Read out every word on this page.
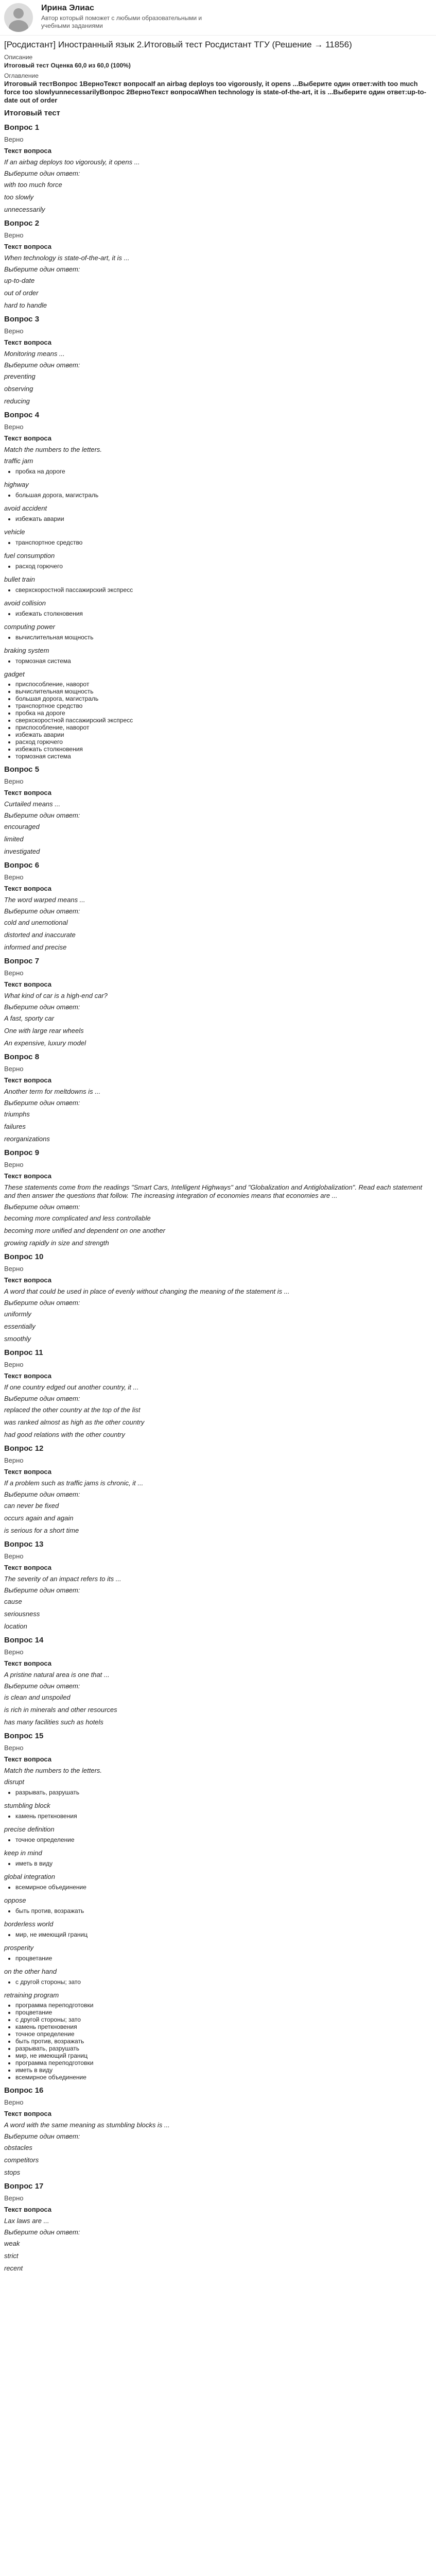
Ирина Элиас
Автор который поможет с любыми образовательными и учебными заданиями
[Росдистант] Иностранный язык 2.Итоговый тест Росдистант ТГУ (Решение → 11856)
Описание
Итоговый тест Оценка 60,0 из 60,0 (100%)
Оглавление
Итоговый тестВопрос 1ВерноТекст вопросаIf an airbag deploys too vigorously, it opens ...Выберите один ответ:with too much force too slowlyunnecessarilyВопрос 2ВерноТекст вопросаWhen technology is state-of-the-art, it is ...Выберите один ответ:up-to-date out of order
Итоговый тест
Вопрос 1
Верно
Текст вопроса
If an airbag deploys too vigorously, it opens ...
Выберите один ответ:
with too much force
too slowly
unnecessarily
Вопрос 2
Верно
Текст вопроса
When technology is state-of-the-art, it is ...
Выберите один ответ:
up-to-date
out of order
hard to handle
Вопрос 3
Верно
Текст вопроса
Monitoring means ...
Выберите один ответ:
preventing
observing
reducing
Вопрос 4
Верно
Текст вопроса
Match the numbers to the letters.
traffic jam
• пробка на дороге
highway
• большая дорога, магистраль
avoid accident
• избежать аварии
vehicle
• транспортное средство
fuel consumption
• расход горючего
bullet train
• сверхскоростной пассажирский экспресс
avoid collision
• избежать столкновения
computing power
• вычислительная мощность
braking system
• тормозная система
gadget
• приспособление, наворот
• вычислительная мощность
• большая дорога, магистраль
• транспортное средство
• пробка на дороге
• сверхскоростной пассажирский экспресс
• приспособление, наворот
• избежать аварии
• расход горючего
• избежать столкновения
• тормозная система
Вопрос 5
Верно
Текст вопроса
Curtailed means ...
Выберите один ответ:
encouraged
limited
investigated
Вопрос 6
Верно
Текст вопроса
The word warped means ...
Выберите один ответ:
cold and unemotional
distorted and inaccurate
informed and precise
Вопрос 7
Верно
Текст вопроса
What kind of car is a high-end car?
Выберите один ответ:
A fast, sporty car
One with large rear wheels
An expensive, luxury model
Вопрос 8
Верно
Текст вопроса
Another term for meltdowns is ...
Выберите один ответ:
triumphs
failures
reorganizations
Вопрос 9
Верно
Текст вопроса
These statements come from the readings "Smart Cars, Intelligent Highways" and "Globalization and Antiglobalization". Read each statement and then answer the questions that follow. The increasing integration of economies means that economies are ...
Выберите один ответ:
becoming more complicated and less controllable
becoming more unified and dependent on one another
growing rapidly in size and strength
Вопрос 10
Верно
Текст вопроса
A word that could be used in place of evenly without changing the meaning of the statement is ...
Выберите один ответ:
uniformly
essentially
smoothly
Вопрос 11
Верно
Текст вопроса
If one country edged out another country, it ...
Выберите один ответ:
replaced the other country at the top of the list
was ranked almost as high as the other country
had good relations with the other country
Вопрос 12
Верно
Текст вопроса
If a problem such as traffic jams is chronic, it ...
Выберите один ответ:
can never be fixed
occurs again and again
is serious for a short time
Вопрос 13
Верно
Текст вопроса
The severity of an impact refers to its ...
Выберите один ответ:
cause
seriousness
location
Вопрос 14
Верно
Текст вопроса
A pristine natural area is one that ...
Выберите один ответ:
is clean and unspoiled
is rich in minerals and other resources
has many facilities such as hotels
Вопрос 15
Верно
Текст вопроса
Match the numbers to the letters.
disrupt
• разрывать, разрушать
stumbling block
• камень преткновения
precise definition
• точное определение
keep in mind
• иметь в виду
global integration
• всемирное объединение
oppose
• быть против, возражать
borderless world
• мир, не имеющий границ
prosperity
• процветание
on the other hand
• с другой стороны; зато
retraining program
• программа переподготовки
• процветание
• с другой стороны; зато
• камень преткновения
• точное определение
• быть против, возражать
• разрывать, разрушать
• мир, не имеющий границ
• программа переподготовки
• иметь в виду
• всемирное объединение
Вопрос 16
Верно
Текст вопроса
A word with the same meaning as stumbling blocks is ...
Выберите один ответ:
obstacles
competitors
stops
Вопрос 17
Верно
Текст вопроса
Lax laws are ...
Выберите один ответ:
weak
strict
recent
